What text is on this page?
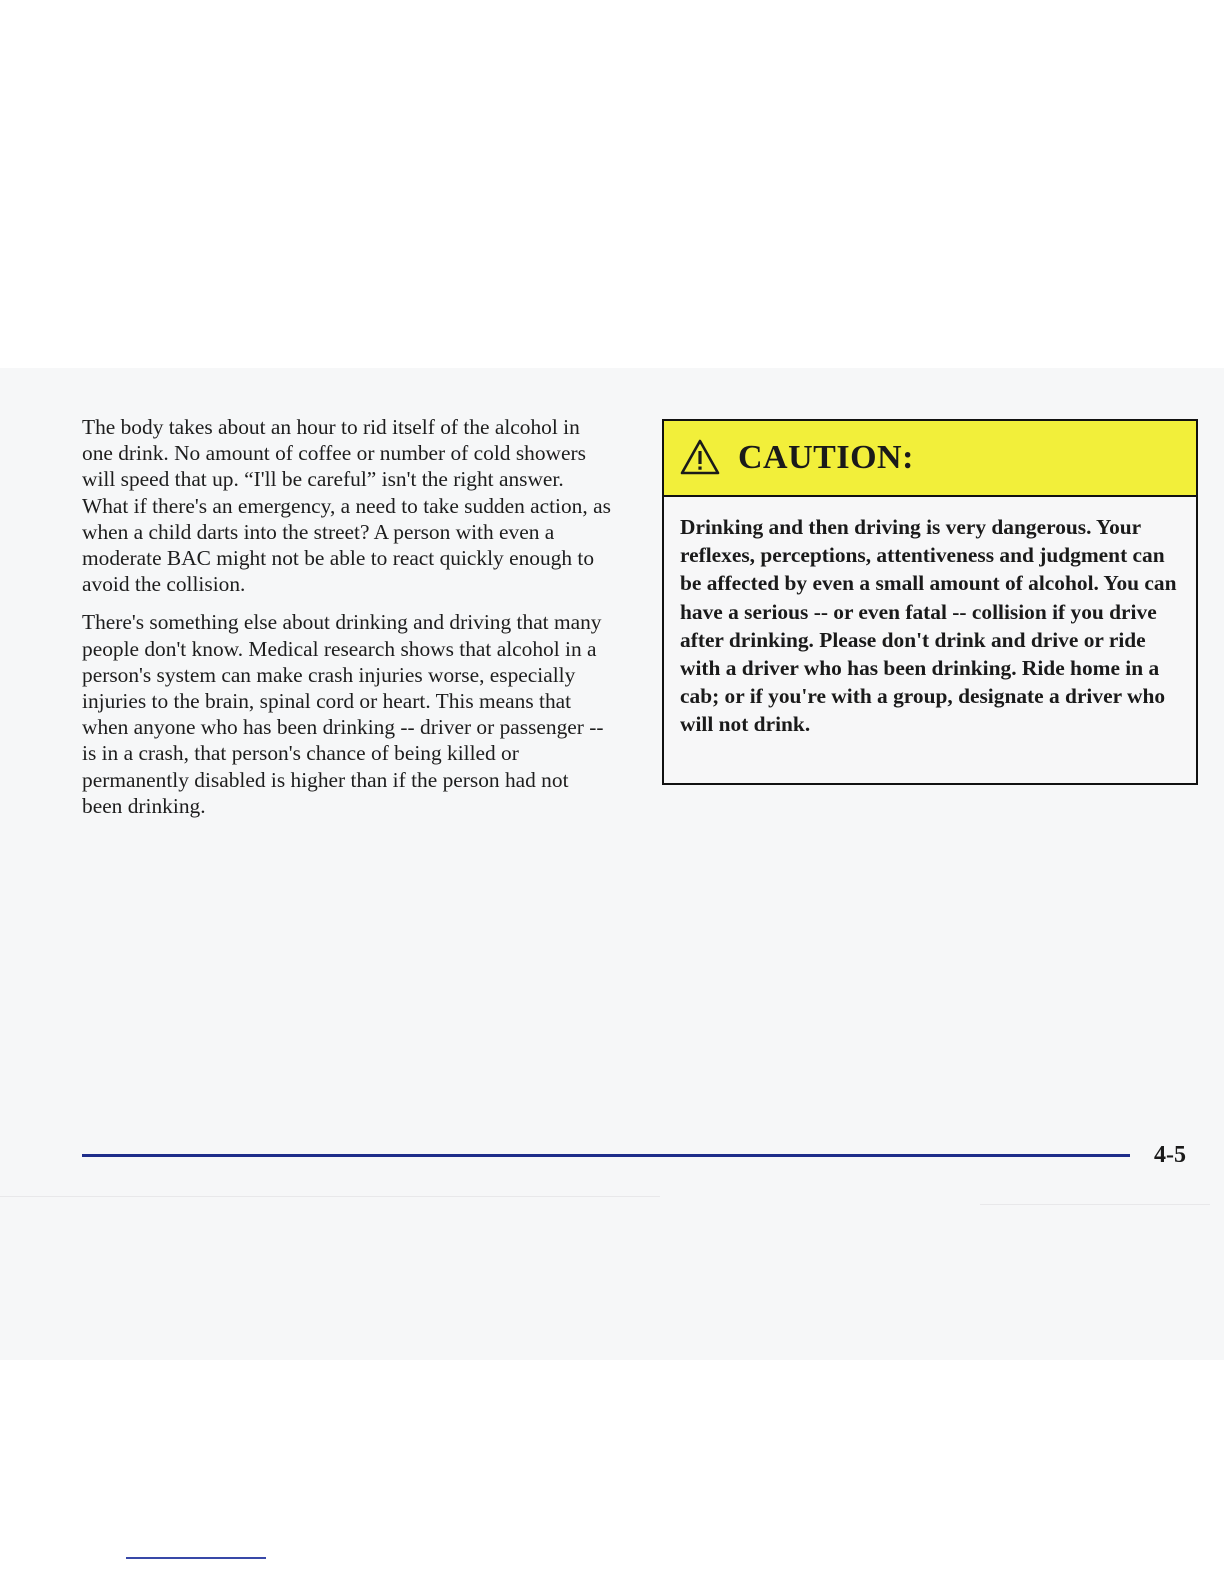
The body takes about an hour to rid itself of the alcohol in one drink. No amount of coffee or number of cold showers will speed that up. “I'll be careful” isn't the right answer. What if there's an emergency, a need to take sudden action, as when a child darts into the street? A person with even a moderate BAC might not be able to react quickly enough to avoid the collision.

There's something else about drinking and driving that many people don't know. Medical research shows that alcohol in a person's system can make crash injuries worse, especially injuries to the brain, spinal cord or heart. This means that when anyone who has been drinking -- driver or passenger -- is in a crash, that person's chance of being killed or permanently disabled is higher than if the person had not been drinking.

CAUTION:
Drinking and then driving is very dangerous. Your reflexes, perceptions, attentiveness and judgment can be affected by even a small amount of alcohol. You can have a serious -- or even fatal -- collision if you drive after drinking. Please don't drink and drive or ride with a driver who has been drinking. Ride home in a cab; or if you're with a group, designate a driver who will not drink.
4-5
